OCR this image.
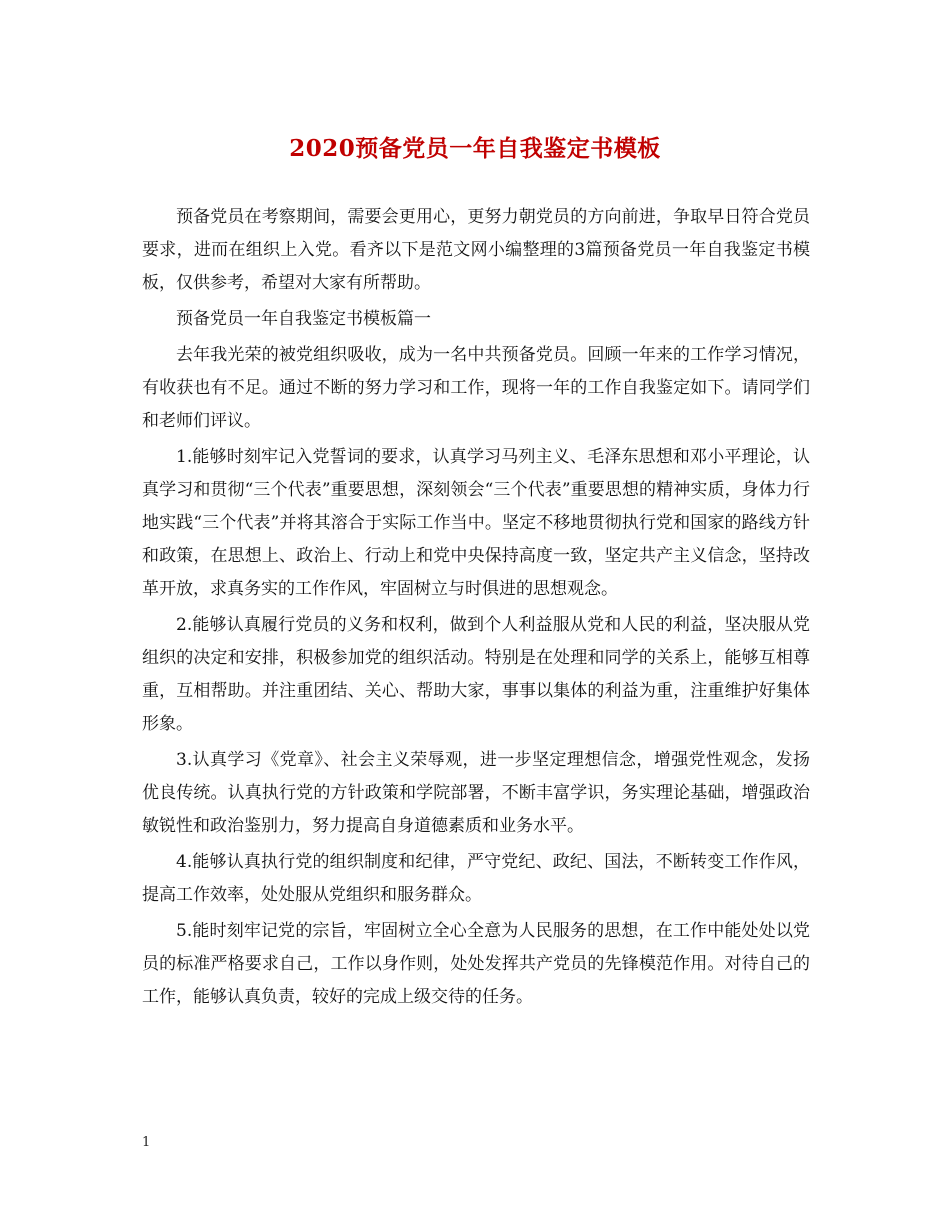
2020预备党员一年自我鉴定书模板

预备党员在考察期间，需要会更用心，更努力朝党员的方向前进，争取早日符合党员要求，进而在组织上入党。看齐以下是范文网小编整理的3篇预备党员一年自我鉴定书模板，仅供参考，希望对大家有所帮助。

预备党员一年自我鉴定书模板篇一

去年我光荣的被党组织吸收，成为一名中共预备党员。回顾一年来的工作学习情况，有收获也有不足。通过不断的努力学习和工作，现将一年的工作自我鉴定如下。请同学们和老师们评议。

1.能够时刻牢记入党誓词的要求，认真学习马列主义、毛泽东思想和邓小平理论，认真学习和贯彻“三个代表”重要思想，深刻领会“三个代表”重要思想的精神实质，身体力行地实践“三个代表”并将其溶合于实际工作当中。坚定不移地贯彻执行党和国家的路线方针和政策，在思想上、政治上、行动上和党中央保持高度一致，坚定共产主义信念，坚持改革开放，求真务实的工作作风，牢固树立与时俱进的思想观念。

2.能够认真履行党员的义务和权利，做到个人利益服从党和人民的利益，坚决服从党组织的决定和安排，积极参加党的组织活动。特别是在处理和同学的关系上，能够互相尊重，互相帮助。并注重团结、关心、帮助大家，事事以集体的利益为重，注重维护好集体形象。

3.认真学习《党章》、社会主义荣辱观，进一步坚定理想信念，增强党性观念，发扬优良传统。认真执行党的方针政策和学院部署，不断丰富学识，务实理论基础，增强政治敏锐性和政治鉴别力，努力提高自身道德素质和业务水平。

4.能够认真执行党的组织制度和纪律，严守党纪、政纪、国法，不断转变工作作风，提高工作效率，处处服从党组织和服务群众。

5.能时刻牢记党的宗旨，牢固树立全心全意为人民服务的思想，在工作中能处处以党员的标准严格要求自己，工作以身作则，处处发挥共产党员的先锋模范作用。对待自己的工作，能够认真负责，较好的完成上级交待的任务。

1
